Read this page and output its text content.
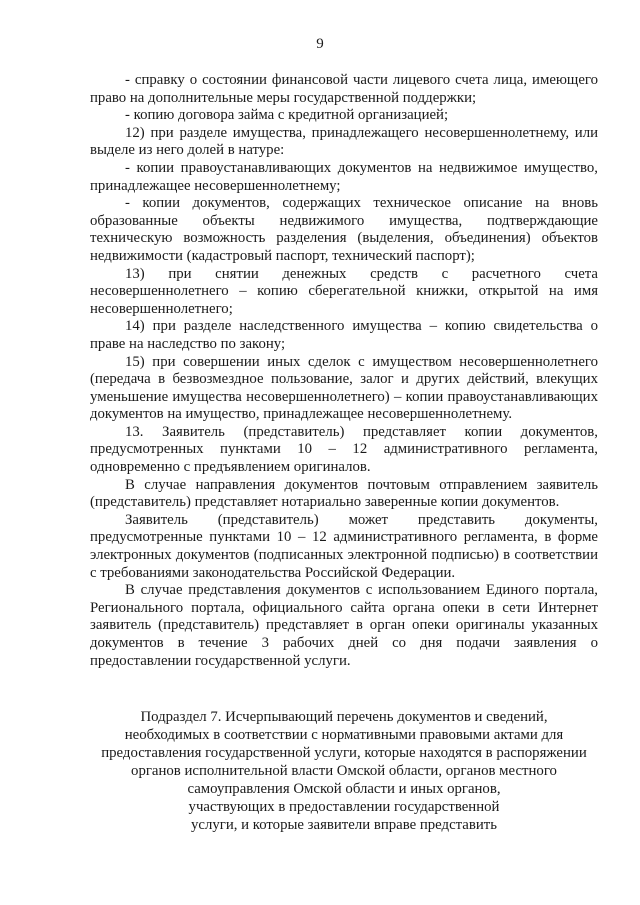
9

- справку о состоянии финансовой части лицевого счета лица, имеющего право на дополнительные меры государственной поддержки;

- копию договора займа с кредитной организацией;

12) при разделе имущества, принадлежащего несовершеннолетнему, или выделе из него долей в натуре:

- копии правоустанавливающих документов на недвижимое имущество, принадлежащее несовершеннолетнему;

- копии документов, содержащих техническое описание на вновь образованные объекты недвижимого имущества, подтверждающие техническую возможность разделения (выделения, объединения) объектов недвижимости (кадастровый паспорт, технический паспорт);

13) при снятии денежных средств с расчетного счета несовершеннолетнего – копию сберегательной книжки, открытой на имя несовершеннолетнего;

14) при разделе наследственного имущества – копию свидетельства о праве на наследство по закону;

15) при совершении иных сделок с имуществом несовершеннолетнего (передача в безвозмездное пользование, залог и других действий, влекущих уменьшение имущества несовершеннолетнего) – копии правоустанавливающих документов на имущество, принадлежащее несовершеннолетнему.

13. Заявитель (представитель) представляет копии документов, предусмотренных пунктами 10 – 12 административного регламента, одновременно с предъявлением оригиналов.

В случае направления документов почтовым отправлением заявитель (представитель) представляет нотариально заверенные копии документов.

Заявитель (представитель) может представить документы, предусмотренные пунктами 10 – 12 административного регламента, в форме электронных документов (подписанных электронной подписью) в соответствии с требованиями законодательства Российской Федерации.

В случае представления документов с использованием Единого портала, Регионального портала, официального сайта органа опеки в сети Интернет заявитель (представитель) представляет в орган опеки оригиналы указанных документов в течение 3 рабочих дней со дня подачи заявления о предоставлении государственной услуги.

Подраздел 7. Исчерпывающий перечень документов и сведений,
необходимых в соответствии с нормативными правовыми актами для
предоставления государственной услуги, которые находятся в распоряжении
органов исполнительной власти Омской области, органов местного
самоуправления Омской области и иных органов,
участвующих в предоставлении государственной
услуги, и которые заявители вправе представить
